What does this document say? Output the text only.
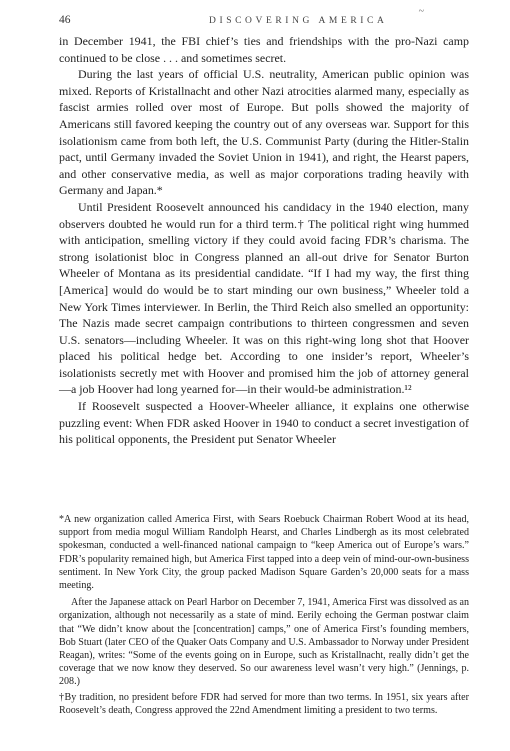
46	DISCOVERING AMERICA
~

in December 1941, the FBI chief’s ties and friendships with the pro-Nazi camp continued to be close . . . and sometimes secret.

During the last years of official U.S. neutrality, American public opinion was mixed. Reports of Kristallnacht and other Nazi atrocities alarmed many, especially as fascist armies rolled over most of Europe. But polls showed the majority of Americans still favored keeping the country out of any overseas war. Support for this isolationism came from both left, the U.S. Communist Party (during the Hitler-Stalin pact, until Germany invaded the Soviet Union in 1941), and right, the Hearst papers, and other conservative media, as well as major corporations trading heavily with Germany and Japan.*

Until President Roosevelt announced his candidacy in the 1940 election, many observers doubted he would run for a third term.† The political right wing hummed with anticipation, smelling victory if they could avoid facing FDR’s charisma. The strong isolationist bloc in Congress planned an all-out drive for Senator Burton Wheeler of Montana as its presidential candidate. “If I had my way, the first thing [America] would do would be to start minding our own business,” Wheeler told a New York Times interviewer. In Berlin, the Third Reich also smelled an opportunity: The Nazis made secret campaign contributions to thirteen congressmen and seven U.S. senators—including Wheeler. It was on this right-wing long shot that Hoover placed his political hedge bet. According to one insider’s report, Wheeler’s isolationists secretly met with Hoover and promised him the job of attorney general—a job Hoover had long yearned for—in their would-be administration.¹²

If Roosevelt suspected a Hoover-Wheeler alliance, it explains one otherwise puzzling event: When FDR asked Hoover in 1940 to conduct a secret investigation of his political opponents, the President put Senator Wheeler

*A new organization called America First, with Sears Roebuck Chairman Robert Wood at its head, support from media mogul William Randolph Hearst, and Charles Lindbergh as its most celebrated spokesman, conducted a well-financed national campaign to “keep America out of Europe’s wars.” FDR’s popularity remained high, but America First tapped into a deep vein of mind-our-own-business sentiment. In New York City, the group packed Madison Square Garden’s 20,000 seats for a mass meeting.

After the Japanese attack on Pearl Harbor on December 7, 1941, America First was dissolved as an organization, although not necessarily as a state of mind. Eerily echoing the German postwar claim that “We didn’t know about the [concentration] camps,” one of America First’s founding members, Bob Stuart (later CEO of the Quaker Oats Company and U.S. Ambassador to Norway under President Reagan), writes: “Some of the events going on in Europe, such as Kristallnacht, really didn’t get the coverage that we now know they deserved. So our awareness level wasn’t very high.” (Jennings, p. 208.)

†By tradition, no president before FDR had served for more than two terms. In 1951, six years after Roosevelt’s death, Congress approved the 22nd Amendment limiting a president to two terms.
